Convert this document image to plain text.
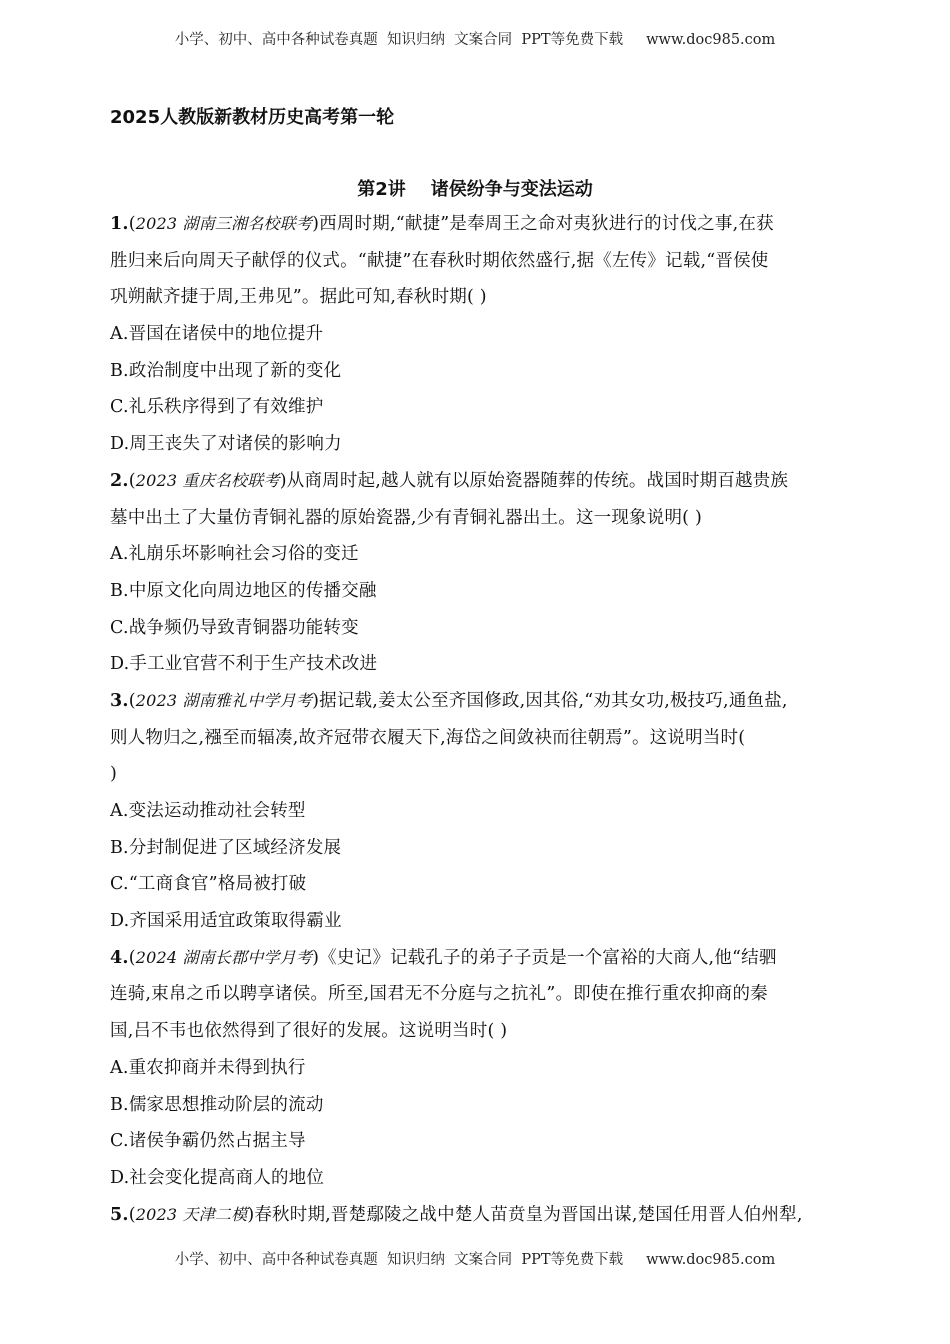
小学、初中、高中各种试卷真题  知识归纳  文案合同  PPT等免费下载     www.doc985.com
2025人教版新教材历史高考第一轮
第2讲    诸侯纷争与变法运动
1.(2023 湖南三湘名校联考)西周时期,“献捷”是奉周王之命对夷狄进行的讨伐之事,在获
胜归来后向周天子献俘的仪式。“献捷”在春秋时期依然盛行,据《左传》记载,“晋侯使
巩朔献齐捷于周,王弗见”。据此可知,春秋时期( )
A.晋国在诸侯中的地位提升
B.政治制度中出现了新的变化
C.礼乐秩序得到了有效维护
D.周王丧失了对诸侯的影响力
2.(2023 重庆名校联考)从商周时起,越人就有以原始瓷器随葬的传统。战国时期百越贵族
墓中出土了大量仿青铜礼器的原始瓷器,少有青铜礼器出土。这一现象说明( )
A.礼崩乐坏影响社会习俗的变迁
B.中原文化向周边地区的传播交融
C.战争频仍导致青铜器功能转变
D.手工业官营不利于生产技术改进
3.(2023 湖南雅礼中学月考)据记载,姜太公至齐国修政,因其俗,“劝其女功,极技巧,通鱼盐,
则人物归之,襁至而辐凑,故齐冠带衣履天下,海岱之间敛袂而往朝焉”。这说明当时(
)
A.变法运动推动社会转型
B.分封制促进了区域经济发展
C.“工商食官”格局被打破
D.齐国采用适宜政策取得霸业
4.(2024 湖南长郡中学月考)《史记》记载孔子的弟子子贡是一个富裕的大商人,他“结驷
连骑,束帛之币以聘享诸侯。所至,国君无不分庭与之抗礼”。即使在推行重农抑商的秦
国,吕不韦也依然得到了很好的发展。这说明当时( )
A.重农抑商并未得到执行
B.儒家思想推动阶层的流动
C.诸侯争霸仍然占据主导
D.社会变化提高商人的地位
5.(2023 天津二模)春秋时期,晋楚鄢陵之战中楚人苗贲皇为晋国出谋,楚国任用晋人伯州犁,
小学、初中、高中各种试卷真题  知识归纳  文案合同  PPT等免费下载     www.doc985.com
